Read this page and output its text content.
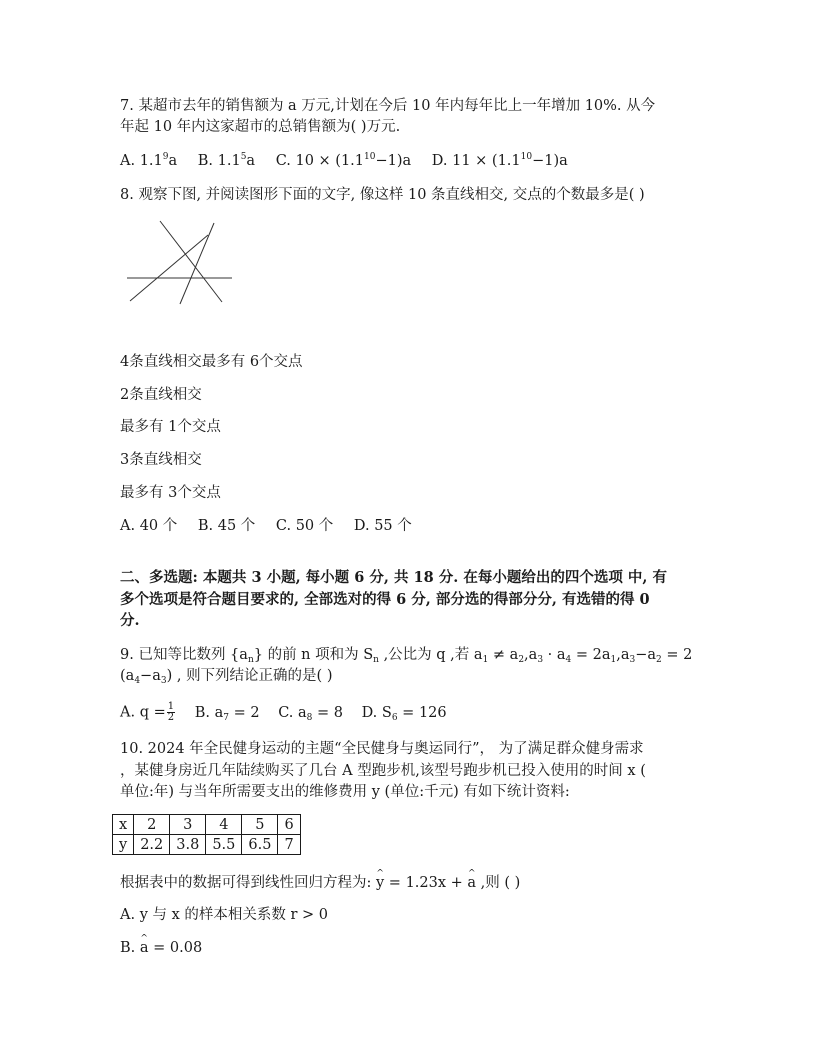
7. 某超市去年的销售额为 a 万元,计划在今后 10 年内每年比上一年增加 10%. 从今
年起 10 年内这家超市的总销售额为( )万元.
A. $1.1^9a$ B. $1.1^5a$ C. $10 \times (1.1^{10}-1)a$ D. $11 \times (1.1^{10}-1)a$
8. 观察下图, 并阅读图形下面的文字, 像这样 10 条直线相交, 交点的个数最多是( )
4条直线相交最多有 6个交点
2条直线相交
最多有 1个交点
3条直线相交
最多有 3个交点
A. 40 个 B. 45 个 C. 50 个 D. 55 个
二、多选题: 本题共 3 小题, 每小题 6 分, 共 18 分. 在每小题给出的四个选项 中, 有
多个选项是符合题目要求的, 全部选对的得 6 分, 部分选的得部分分, 有选错的得 0
分.
9. 已知等比数列 $\{a_n\}$ 的前 n 项和为 $S_n$ ,公比为 q ,若 $a_1 \ne a_2,a_3 \cdot a_4 = 2a_1,a_3-a_2 = 2$
$(a_4-a_3)$ , 则下列结论正确的是( )
A. $q = \frac{1}{2} B$. $a_7 = 2$ C. $a_8 = 8$ D. $S_6 = 126$
10. 2024 年全民健身运动的主题“全民健身与奥运同行”， 为了满足群众健身需求
，某健身房近几年陆续购买了几台 A 型跑步机,该型号跑步机已投入使用的时间 x (
单位:年) 与当年所需要支出的维修费用 y (单位:千元) 有如下统计资料:
x	2	3	4	5	6
y	2.2	3.8	5.5	6.5	7
根据表中的数据可得到线性回归方程为: ^ y = 1.23x + ^ a ,则 ( )
A. y 与 x 的样本相关系数 r > 0
B. ^ a = 0.08
